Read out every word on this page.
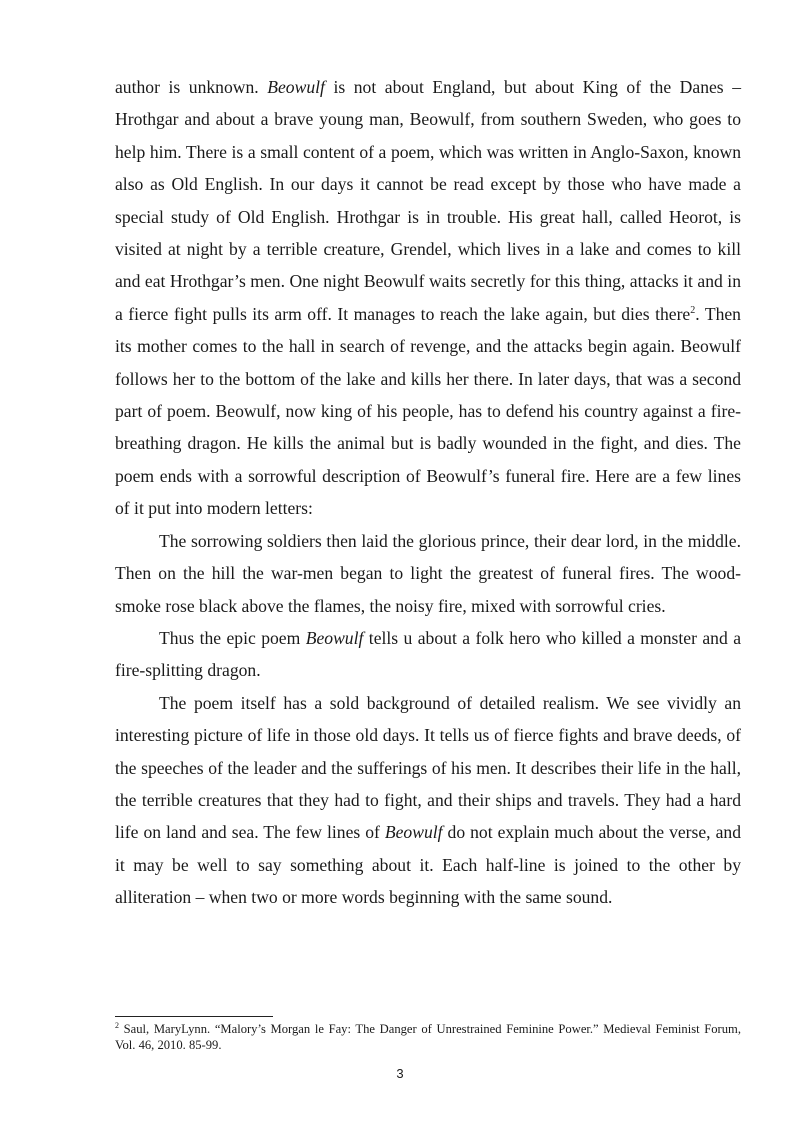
author is unknown. Beowulf is not about England, but about King of the Danes – Hrothgar and about a brave young man, Beowulf, from southern Sweden, who goes to help him. There is a small content of a poem, which was written in Anglo-Saxon, known also as Old English. In our days it cannot be read except by those who have made a special study of Old English. Hrothgar is in trouble. His great hall, called Heorot, is visited at night by a terrible creature, Grendel, which lives in a lake and comes to kill and eat Hrothgar’s men. One night Beowulf waits secretly for this thing, attacks it and in a fierce fight pulls its arm off. It manages to reach the lake again, but dies there$^2$. Then its mother comes to the hall in search of revenge, and the attacks begin again. Beowulf follows her to the bottom of the lake and kills her there. In later days, that was a second part of poem. Beowulf, now king of his people, has to defend his country against a fire-breathing dragon. He kills the animal but is badly wounded in the fight, and dies. The poem ends with a sorrowful description of Beowulf’s funeral fire. Here are a few lines of it put into modern letters:

The sorrowing soldiers then laid the glorious prince, their dear lord, in the middle. Then on the hill the war-men began to light the greatest of funeral fires. The wood-smoke rose black above the flames, the noisy fire, mixed with sorrowful cries.

Thus the epic poem Beowulf tells u about a folk hero who killed a monster and a fire-splitting dragon.

The poem itself has a sold background of detailed realism. We see vividly an interesting picture of life in those old days. It tells us of fierce fights and brave deeds, of the speeches of the leader and the sufferings of his men. It describes their life in the hall, the terrible creatures that they had to fight, and their ships and travels. They had a hard life on land and sea. The few lines of Beowulf do not explain much about the verse, and it may be well to say something about it. Each half-line is joined to the other by alliteration – when two or more words beginning with the same sound.

$^2$ Saul, MaryLynn. “Malory’s Morgan le Fay: The Danger of Unrestrained Feminine Power.” Medieval Feminist Forum, Vol. 46, 2010. 85-99.
3
